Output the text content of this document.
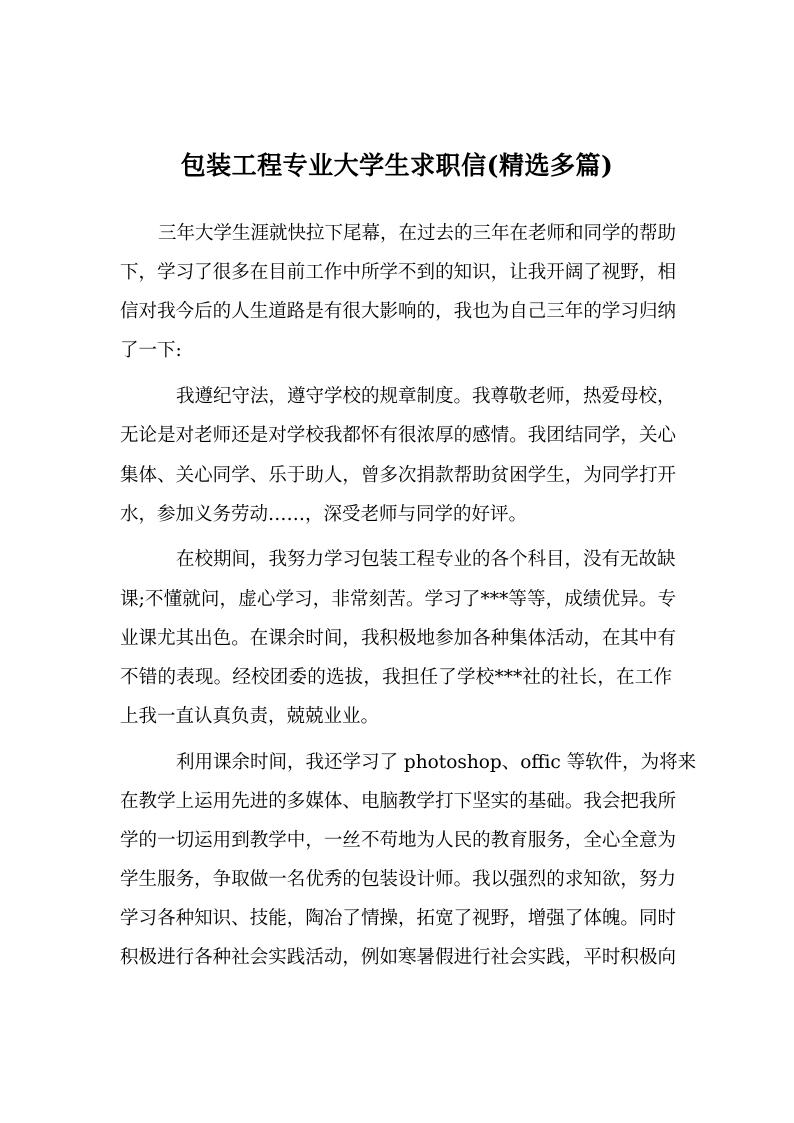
包装工程专业大学生求职信(精选多篇)
三年大学生涯就快拉下尾幕，在过去的三年在老师和同学的帮助
下，学习了很多在目前工作中所学不到的知识，让我开阔了视野，相
信对我今后的人生道路是有很大影响的，我也为自己三年的学习归纳
了一下:
我遵纪守法，遵守学校的规章制度。我尊敬老师，热爱母校，
无论是对老师还是对学校我都怀有很浓厚的感情。我团结同学，关心
集体、关心同学、乐于助人，曾多次捐款帮助贫困学生，为同学打开
水，参加义务劳动……，深受老师与同学的好评。
在校期间，我努力学习包装工程专业的各个科目，没有无故缺
课;不懂就问，虚心学习，非常刻苦。学习了***等等，成绩优异。专
业课尤其出色。在课余时间，我积极地参加各种集体活动，在其中有
不错的表现。经校团委的选拔，我担任了学校***社的社长，在工作
上我一直认真负责，兢兢业业。
利用课余时间，我还学习了 photoshop、offic 等软件，为将来
在教学上运用先进的多媒体、电脑教学打下坚实的基础。我会把我所
学的一切运用到教学中，一丝不苟地为人民的教育服务，全心全意为
学生服务，争取做一名优秀的包装设计师。我以强烈的求知欲，努力
学习各种知识、技能，陶冶了情操，拓宽了视野，增强了体魄。同时
积极进行各种社会实践活动，例如寒暑假进行社会实践，平时积极向
